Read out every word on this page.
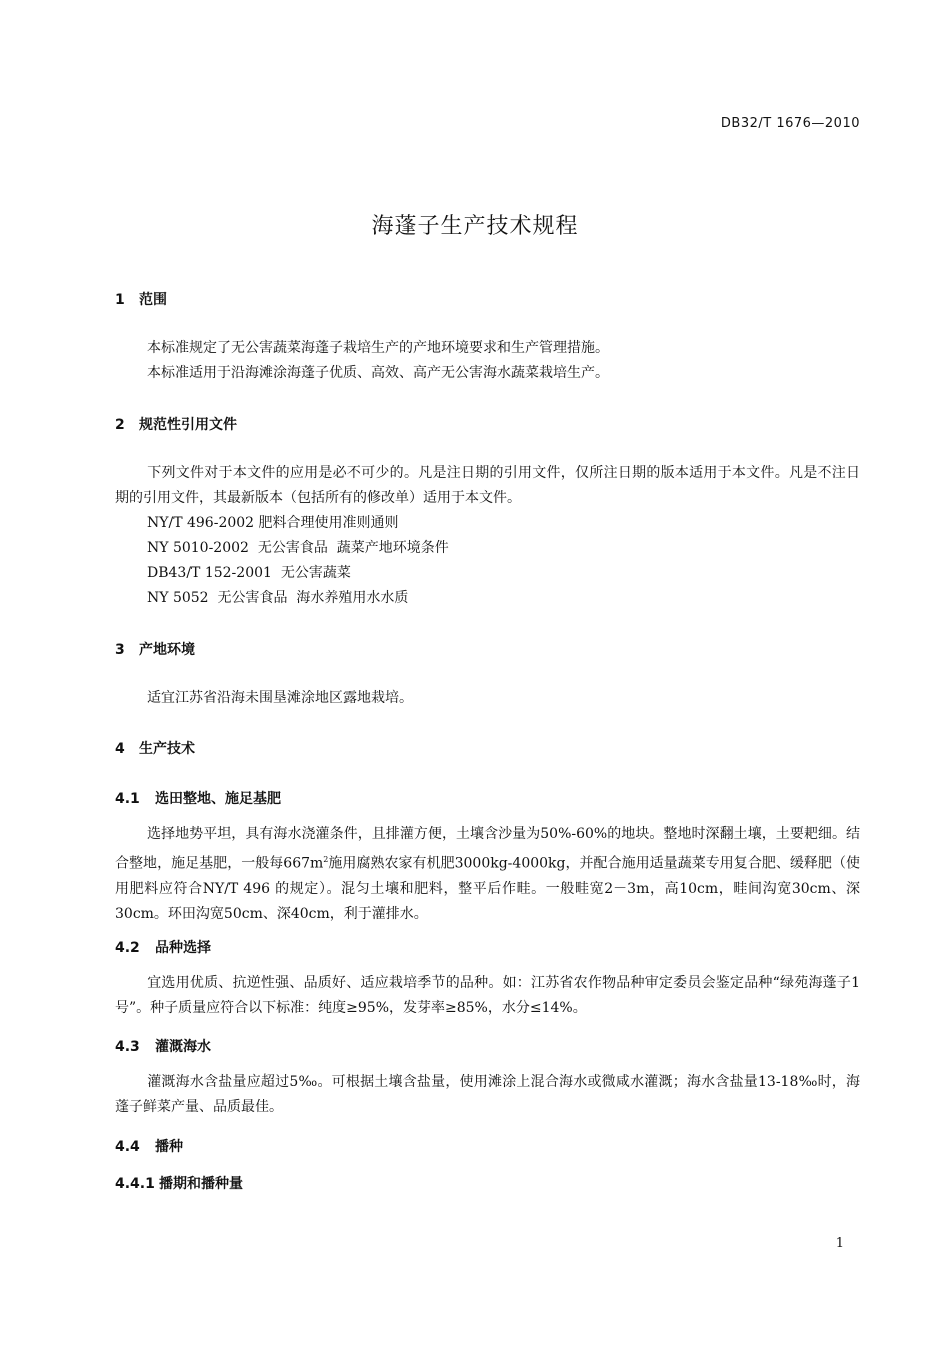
DB32/T 1676—2010
海蓬子生产技术规程
1 范围
本标准规定了无公害蔬菜海蓬子栽培生产的产地环境要求和生产管理措施。
本标准适用于沿海滩涂海蓬子优质、高效、高产无公害海水蔬菜栽培生产。
2 规范性引用文件
下列文件对于本文件的应用是必不可少的。凡是注日期的引用文件，仅所注日期的版本适用于本文件。凡是不注日期的引用文件，其最新版本（包括所有的修改单）适用于本文件。
NY/T 496-2002 肥料合理使用准则通则
NY 5010-2002  无公害食品  蔬菜产地环境条件
DB43/T 152-2001  无公害蔬菜
NY 5052  无公害食品  海水养殖用水水质
3 产地环境
适宜江苏省沿海未围垦滩涂地区露地栽培。
4 生产技术
4.1 选田整地、施足基肥
选择地势平坦，具有海水浇灌条件，且排灌方便，土壤含沙量为50%-60%的地块。整地时深翻土壤，土要耙细。结合整地，施足基肥，一般每$667m^2$施用腐熟农家有机肥3000kg-4000kg，并配合施用适量蔬菜专用复合肥、缓释肥（使用肥料应符合NY/T 496 的规定）。混匀土壤和肥料，整平后作畦。一般畦宽2－3m，高10cm，畦间沟宽30cm、深30cm。环田沟宽50cm、深40cm，利于灌排水。
4.2 品种选择
宜选用优质、抗逆性强、品质好、适应栽培季节的品种。如：江苏省农作物品种审定委员会鉴定品种“绿苑海蓬子1号”。种子质量应符合以下标准：纯度≥95%，发芽率≥85%，水分≤14%。
4.3 灌溉海水
灌溉海水含盐量应超过5‰。可根据土壤含盐量，使用滩涂上混合海水或微咸水灌溉；海水含盐量13-18‰时，海蓬子鲜菜产量、品质最佳。
4.4 播种
4.4.1 播期和播种量
1
